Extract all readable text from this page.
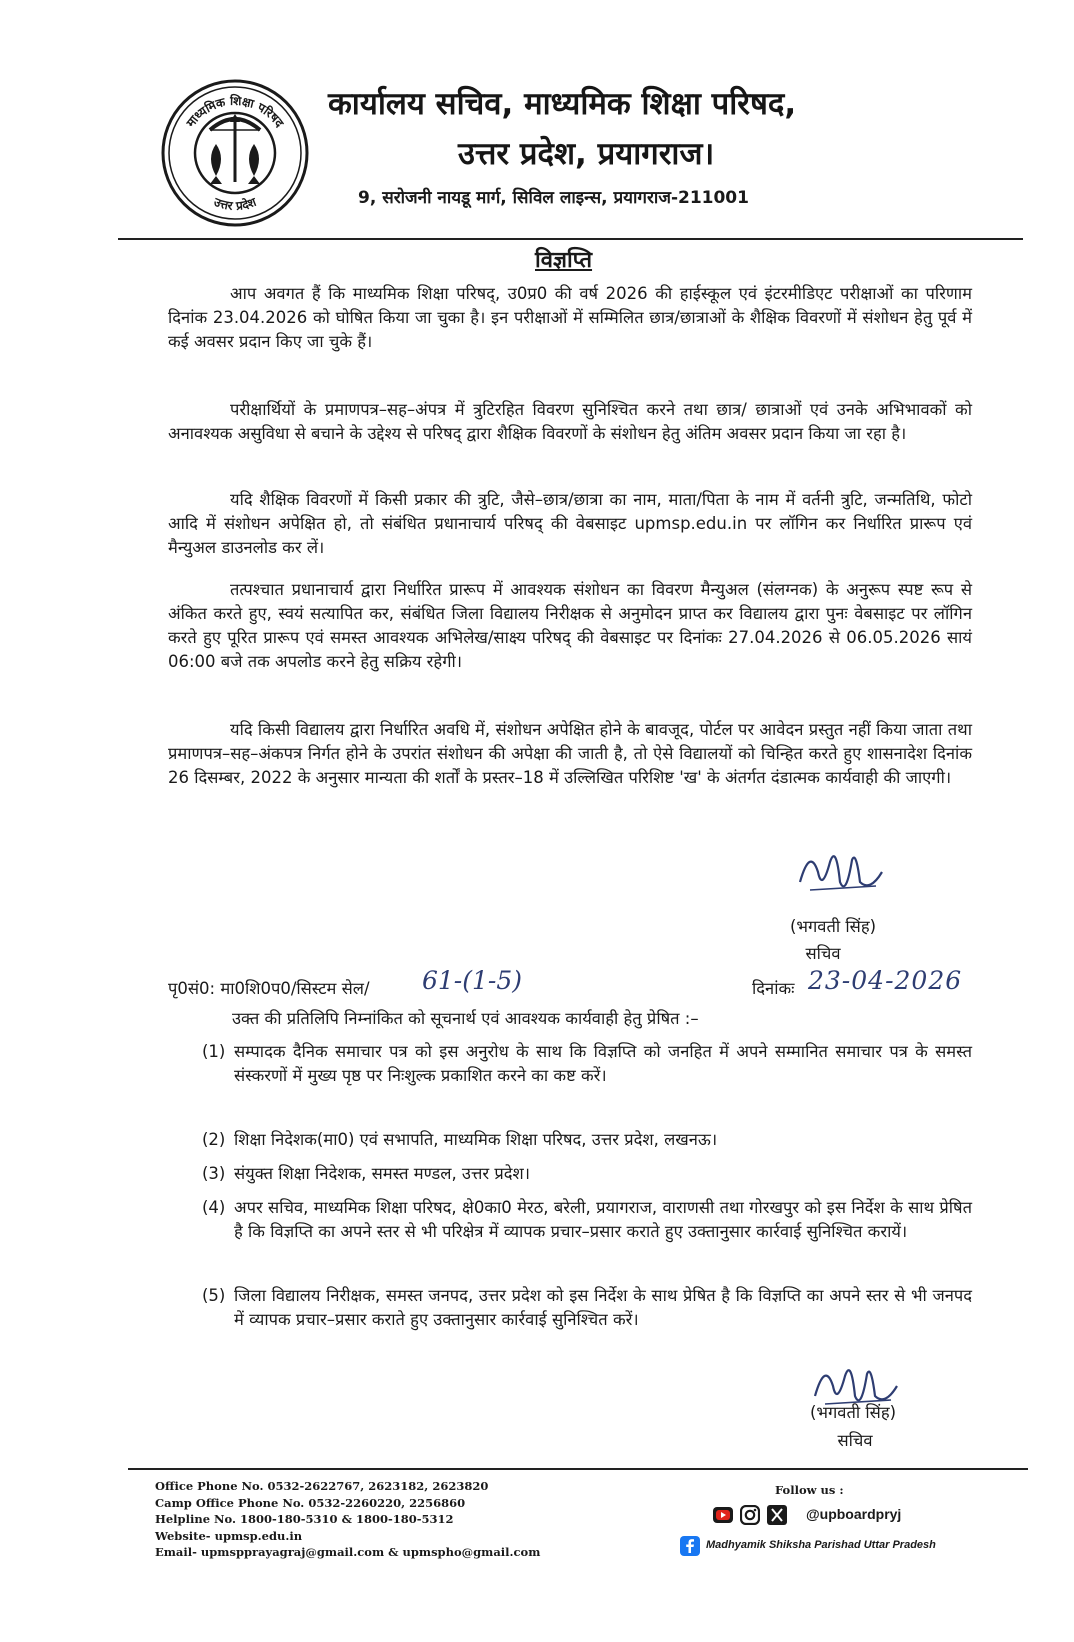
माध्यमिक शिक्षा परिषद
उत्तर प्रदेश
कार्यालय सचिव, माध्यमिक शिक्षा परिषद,
उत्तर प्रदेश, प्रयागराज।
9, सरोजनी नायडू मार्ग, सिविल लाइन्स, प्रयागराज-211001
विज्ञप्ति
आप अवगत हैं कि माध्यमिक शिक्षा परिषद्, उ0प्र0 की वर्ष 2026 की हाईस्कूल एवं इंटरमीडिएट परीक्षाओं का परिणाम दिनांक 23.04.2026 को घोषित किया जा चुका है। इन परीक्षाओं में सम्मिलित छात्र/छात्राओं के शैक्षिक विवरणों में संशोधन हेतु पूर्व में कई अवसर प्रदान किए जा चुके हैं।
परीक्षार्थियों के प्रमाणपत्र–सह–अंपत्र में त्रुटिरहित विवरण सुनिश्चित करने तथा छात्र/ छात्राओं एवं उनके अभिभावकों को अनावश्यक असुविधा से बचाने के उद्देश्य से परिषद् द्वारा शैक्षिक विवरणों के संशोधन हेतु अंतिम अवसर प्रदान किया जा रहा है।
यदि शैक्षिक विवरणों में किसी प्रकार की त्रुटि, जैसे–छात्र/छात्रा का नाम, माता/पिता के नाम में वर्तनी त्रुटि, जन्मतिथि, फोटो आदि में संशोधन अपेक्षित हो, तो संबंधित प्रधानाचार्य परिषद् की वेबसाइट upmsp.edu.in पर लॉगिन कर निर्धारित प्रारूप एवं मैन्युअल डाउनलोड कर लें।
तत्पश्चात प्रधानाचार्य द्वारा निर्धारित प्रारूप में आवश्यक संशोधन का विवरण मैन्युअल (संलग्नक) के अनुरूप स्पष्ट रूप से अंकित करते हुए, स्वयं सत्यापित कर, संबंधित जिला विद्यालय निरीक्षक से अनुमोदन प्राप्त कर विद्यालय द्वारा पुनः वेबसाइट पर लॉगिन करते हुए पूरित प्रारूप एवं समस्त आवश्यक अभिलेख/साक्ष्य परिषद् की वेबसाइट पर दिनांकः 27.04.2026 से 06.05.2026 सायं 06:00 बजे तक अपलोड करने हेतु सक्रिय रहेगी।
यदि किसी विद्यालय द्वारा निर्धारित अवधि में, संशोधन अपेक्षित होने के बावजूद, पोर्टल पर आवेदन प्रस्तुत नहीं किया जाता तथा प्रमाणपत्र–सह–अंकपत्र निर्गत होने के उपरांत संशोधन की अपेक्षा की जाती है, तो ऐसे विद्यालयों को चिन्हित करते हुए शासनादेश दिनांक 26 दिसम्बर, 2022 के अनुसार मान्यता की शर्तों के प्रस्तर–18 में उल्लिखित परिशिष्ट 'ख' के अंतर्गत दंडात्मक कार्यवाही की जाएगी।
(भगवती सिंह)
सचिव
पृ0सं0: मा0शि0प0/सिस्टम सेल/ 61-(1-5)	दिनांकः 23-04-2026
उक्त की प्रतिलिपि निम्नांकित को सूचनार्थ एवं आवश्यक कार्यवाही हेतु प्रेषित :–
(1) सम्पादक दैनिक समाचार पत्र को इस अनुरोध के साथ कि विज्ञप्ति को जनहित में अपने सम्मानित समाचार पत्र के समस्त संस्करणों में मुख्य पृष्ठ पर निःशुल्क प्रकाशित करने का कष्ट करें।
(2) शिक्षा निदेशक(मा0) एवं सभापति, माध्यमिक शिक्षा परिषद, उत्तर प्रदेश, लखनऊ।
(3) संयुक्त शिक्षा निदेशक, समस्त मण्डल, उत्तर प्रदेश।
(4) अपर सचिव, माध्यमिक शिक्षा परिषद, क्षे0का0 मेरठ, बरेली, प्रयागराज, वाराणसी तथा गोरखपुर को इस निर्देश के साथ प्रेषित है कि विज्ञप्ति का अपने स्तर से भी परिक्षेत्र में व्यापक प्रचार–प्रसार कराते हुए उक्तानुसार कार्रवाई सुनिश्चित करायें।
(5) जिला विद्यालय निरीक्षक, समस्त जनपद, उत्तर प्रदेश को इस निर्देश के साथ प्रेषित है कि विज्ञप्ति का अपने स्तर से भी जनपद में व्यापक प्रचार–प्रसार कराते हुए उक्तानुसार कार्रवाई सुनिश्चित करें।
(भगवती सिंह)
सचिव
Office Phone No. 0532-2622767, 2623182, 2623820
Camp Office Phone No. 0532-2260220, 2256860
Helpline No. 1800-180-5310 & 1800-180-5312
Website- upmsp.edu.in
Email- upmspprayagraj@gmail.com & upmspho@gmail.com
Follow us :
@upboardpryj
Madhyamik Shiksha Parishad Uttar Pradesh
